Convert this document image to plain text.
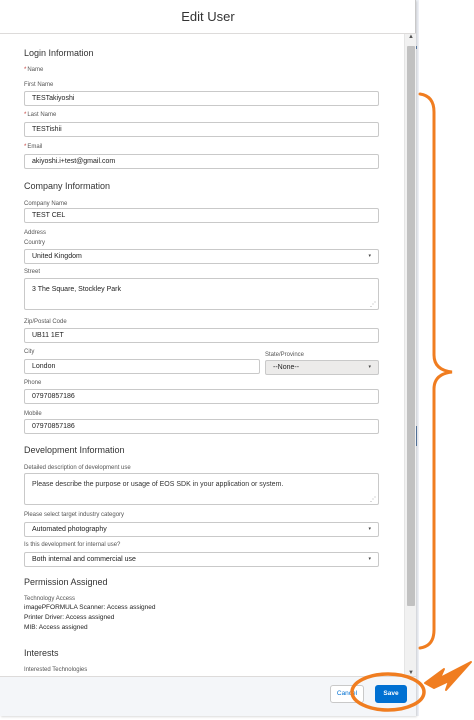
Edit User
Login Information
*Name
First Name
TESTakiyoshi
*Last Name
TESTishii
*Email
akiyoshi.i+test@gmail.com
Company Information
Company Name
TEST CEL
Address
Country
United Kingdom	▾
Street
3 The Square, Stockley Park
⋰
Zip/Postal Code
UB11 1ET
City
London
State/Province
--None--	▾
Phone
07970857186
Mobile
07970857186
Development Information
Detailed description of development use
Please describe the purpose or usage of EOS SDK in your application or system.
⋰
Please select target industry category
Automated photography	▾
Is this development for internal use?
Both internal and commercial use	▾
Permission Assigned
Technology Access
imagePFORMULA Scanner: Access assigned
Printer Driver: Access assigned
MIB: Access assigned
Interests
Interested Technologies
▲
▼
Cancel	Save
